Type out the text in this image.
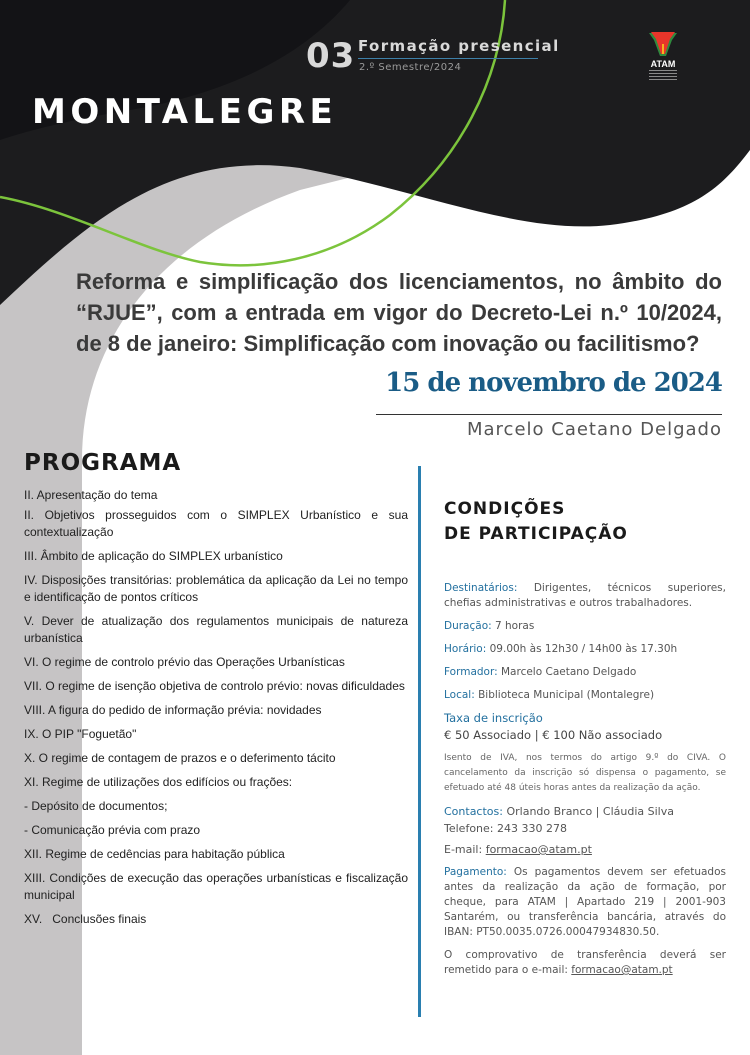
03 Formação presencial
2.º Semestre/2024	ATAM
MONTALEGRE
Reforma e simplificação dos licenciamentos, no âmbito do “RJUE”, com a entrada em vigor do Decreto-Lei n.º 10/2024, de 8 de janeiro: Simplificação com inovação ou facilitismo?
15 de novembro de 2024
Marcelo Caetano Delgado
PROGRAMA
II. Apresentação do tema
II. Objetivos prosseguidos com o SIMPLEX Urbanístico e sua contextualização
III. Âmbito de aplicação do SIMPLEX urbanístico
IV. Disposições transitórias: problemática da aplicação da Lei no tempo e identificação de pontos críticos
V. Dever de atualização dos regulamentos municipais de natureza urbanística
VI. O regime de controlo prévio das Operações Urbanísticas
VII. O regime de isenção objetiva de controlo prévio: novas dificuldades
VIII. A figura do pedido de informação prévia: novidades
IX. O PIP "Foguetão"
X. O regime de contagem de prazos e o deferimento tácito
XI. Regime de utilizações dos edifícios ou frações:
- Depósito de documentos;
- Comunicação prévia com prazo
XII. Regime de cedências para habitação pública
XIII. Condições de execução das operações urbanísticas e fiscalização municipal
XV.   Conclusões finais
CONDIÇÕES
DE PARTICIPAÇÃO

Destinatários: Dirigentes, técnicos superiores, chefias administrativas e outros trabalhadores.

Duração: 7 horas

Horário: 09.00h às 12h30 / 14h00 às 17.30h

Formador: Marcelo Caetano Delgado

Local: Biblioteca Municipal (Montalegre)

Taxa de inscrição

€ 50 Associado | € 100 Não associado

Isento de IVA, nos termos do artigo 9.º do CIVA. O cancelamento da inscrição só dispensa o pagamento, se efetuado até 48 úteis horas antes da realização da ação.

Contactos: Orlando Branco | Cláudia Silva

Telefone: 243 330 278

E-mail: formacao@atam.pt

Pagamento: Os pagamentos devem ser efetuados antes da realização da ação de formação, por cheque, para ATAM | Apartado 219 | 2001-903 Santarém, ou transferência bancária, através do IBAN: PT50.0035.0726.00047934830.50.

O comprovativo de transferência deverá ser remetido para o e-mail: formacao@atam.pt
